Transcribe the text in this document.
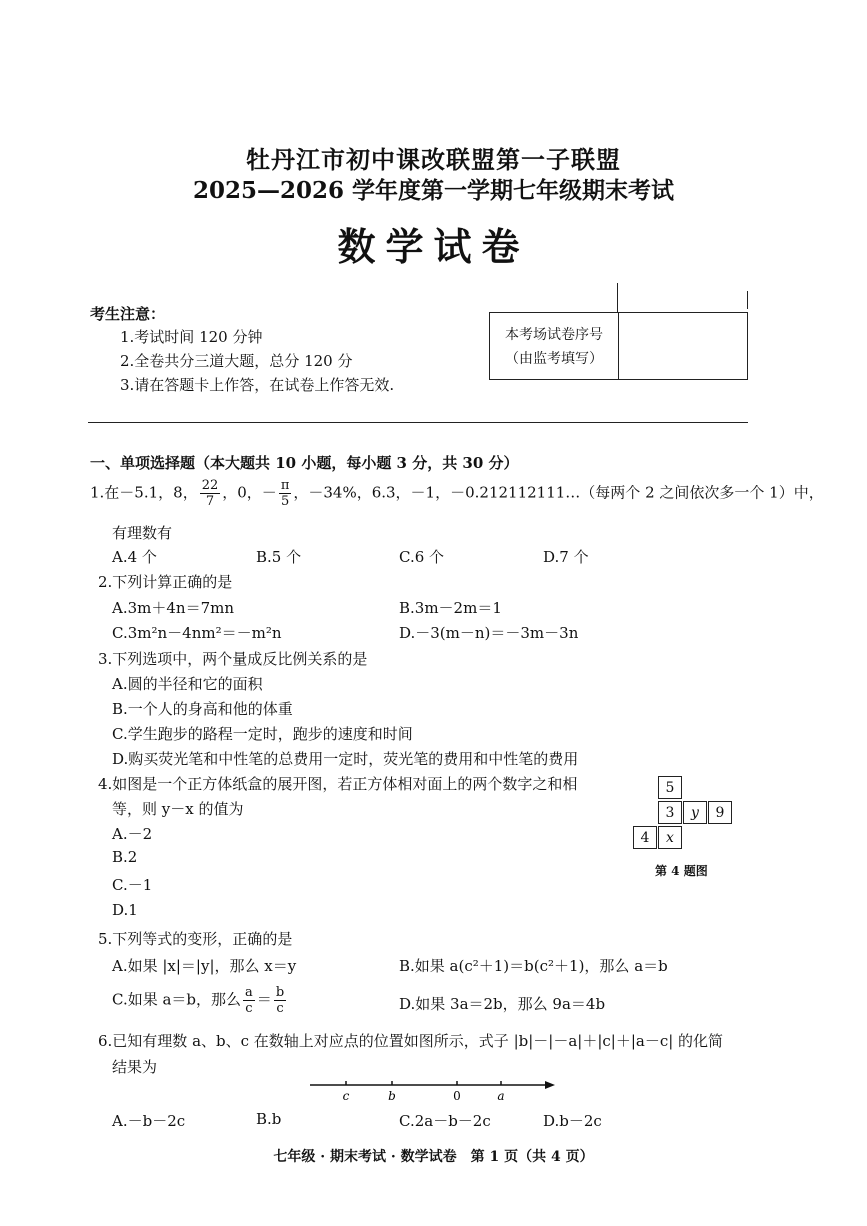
牡丹江市初中课改联盟第一子联盟
2025—2026 学年度第一学期七年级期末考试
数学试卷
考生注意：
1.考试时间 120 分钟
2.全卷共分三道大题，总分 120 分
3.请在答题卡上作答，在试卷上作答无效.
本考场试卷序号
（由监考填写）
一、单项选择题（本大题共 10 小题，每小题 3 分，共 30 分）
1.在－5.1，8， $\frac{22}{7}$ ，0，－ $\frac{\pi}{5}$ ，－34%，6.3，－1，－0.212112111…（每两个 2 之间依次多一个 1）中，
有理数有
A.4 个	B.5 个	C.6 个	D.7 个
2.下列计算正确的是
A.3m＋4n＝7mn	B.3m－2m＝1
C.3m²n－4nm²＝－m²n	D.－3(m－n)＝－3m－3n
3.下列选项中，两个量成反比例关系的是
A.圆的半径和它的面积
B.一个人的身高和他的体重
C.学生跑步的路程一定时，跑步的速度和时间
D.购买荧光笔和中性笔的总费用一定时，荧光笔的费用和中性笔的费用
4.如图是一个正方体纸盒的展开图，若正方体相对面上的两个数字之和相
等，则 y－x 的值为
A.－2
B.2
C.－1
D.1
5
3	y	9
4	x
第 4 题图
5.下列等式的变形，正确的是
A.如果 |x|＝|y|，那么 x＝y	B.如果 a(c²＋1)＝b(c²＋1)，那么 a＝b
C.如果 a＝b，那么 $\frac{a}{c} = \frac{b}{c}$	D.如果 3a＝2b，那么 9a＝4b
6.已知有理数 a、b、c 在数轴上对应点的位置如图所示，式子 |b|－|－a|＋|c|＋|a－c| 的化简
结果为
c	b	0	a
A.－b－2c	B.b	C.2a－b－2c	D.b－2c
七年级 · 期末考试 · 数学试卷　第 1 页（共 4 页）
